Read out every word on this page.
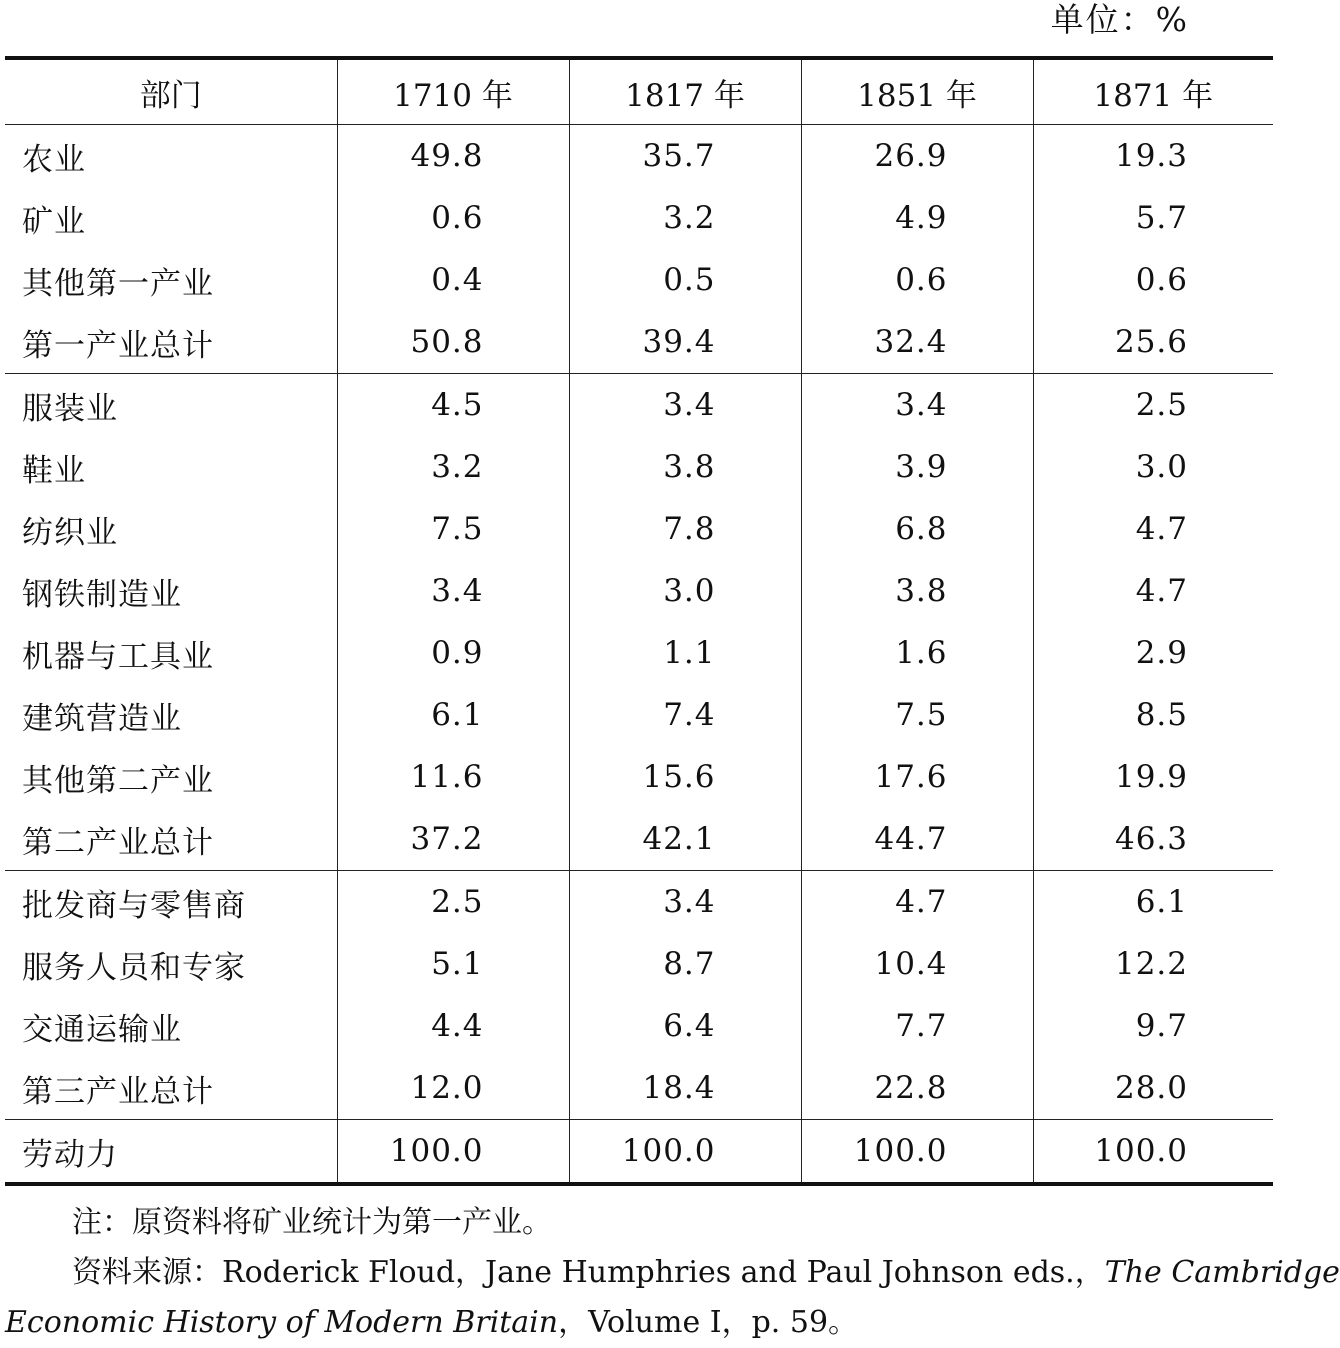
单位：%
部门	1710 年	1817 年	1851 年	1871 年
农业	49.8	35.7	26.9	19.3
矿业	0.6	3.2	4.9	5.7
其他第一产业	0.4	0.5	0.6	0.6
第一产业总计	50.8	39.4	32.4	25.6
服装业	4.5	3.4	3.4	2.5
鞋业	3.2	3.8	3.9	3.0
纺织业	7.5	7.8	6.8	4.7
钢铁制造业	3.4	3.0	3.8	4.7
机器与工具业	0.9	1.1	1.6	2.9
建筑营造业	6.1	7.4	7.5	8.5
其他第二产业	11.6	15.6	17.6	19.9
第二产业总计	37.2	42.1	44.7	46.3
批发商与零售商	2.5	3.4	4.7	6.1
服务人员和专家	5.1	8.7	10.4	12.2
交通运输业	4.4	6.4	7.7	9.7
第三产业总计	12.0	18.4	22.8	28.0
劳动力	100.0	100.0	100.0	100.0
注：原资料将矿业统计为第一产业。
资料来源： Roderick Floud，Jane Humphries and Paul Johnson eds.， The Cambridge
Economic History of Modern Britain，Volume I，p. 59。
